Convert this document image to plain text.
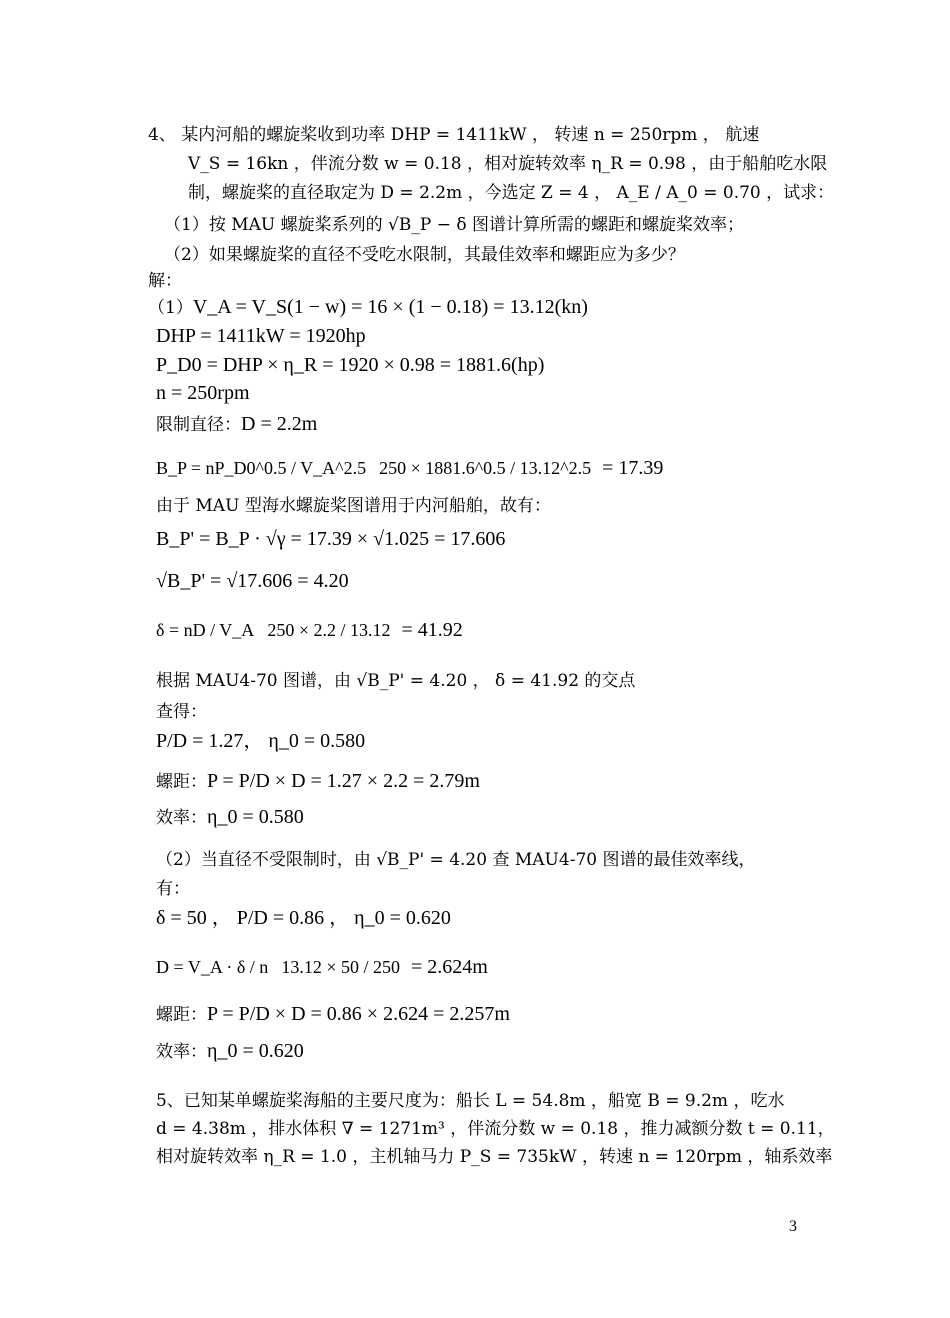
4、 某内河船的螺旋桨收到功率 DHP = 1411kW ， 转速 n = 250rpm ， 航速
V_S = 16kn ，伴流分数 w = 0.18 ，相对旋转效率 η_R = 0.98 ，由于船舶吃水限
制，螺旋桨的直径取定为 D = 2.2m ，今选定 Z = 4 ， A_E / A_0 = 0.70 ，试求：
（1）按 MAU 螺旋桨系列的 √B_P − δ 图谱计算所需的螺距和螺旋桨效率；
（2）如果螺旋桨的直径不受吃水限制，其最佳效率和螺距应为多少？
解：
（1）V_A = V_S(1 − w) = 16 × (1 − 0.18) = 13.12(kn)
DHP = 1411kW = 1920hp
P_D0 = DHP × η_R = 1920 × 0.98 = 1881.6(hp)
n = 250rpm
限制直径：D = 2.2m
B_P = nP_D0^0.5 / V_A^2.5 250 × 1881.6^0.5 / 13.12^2.5 = 17.39
由于 MAU 型海水螺旋桨图谱用于内河船舶，故有：
B_P' = B_P · √γ = 17.39 × √1.025 = 17.606
√B_P' = √17.606 = 4.20
δ = nD / V_A 250 × 2.2 / 13.12 = 41.92
根据 MAU4-70 图谱，由 √B_P' = 4.20 ， δ = 41.92 的交点
查得：
P/D = 1.27， η_0 = 0.580
螺距：P = P/D × D = 1.27 × 2.2 = 2.79m
效率：η_0 = 0.580
（2）当直径不受限制时，由 √B_P' = 4.20 查 MAU4-70 图谱的最佳效率线，
有：
δ = 50 ， P/D = 0.86 ， η_0 = 0.620
D = V_A · δ / n 13.12 × 50 / 250 = 2.624m
螺距：P = P/D × D = 0.86 × 2.624 = 2.257m
效率：η_0 = 0.620
5、已知某单螺旋桨海船的主要尺度为：船长 L = 54.8m ，船宽 B = 9.2m ，吃水
d = 4.38m ，排水体积 ∇ = 1271m³ ，伴流分数 w = 0.18 ，推力减额分数 t = 0.11，
相对旋转效率 η_R = 1.0 ，主机轴马力 P_S = 735kW ，转速 n = 120rpm ，轴系效率
3
